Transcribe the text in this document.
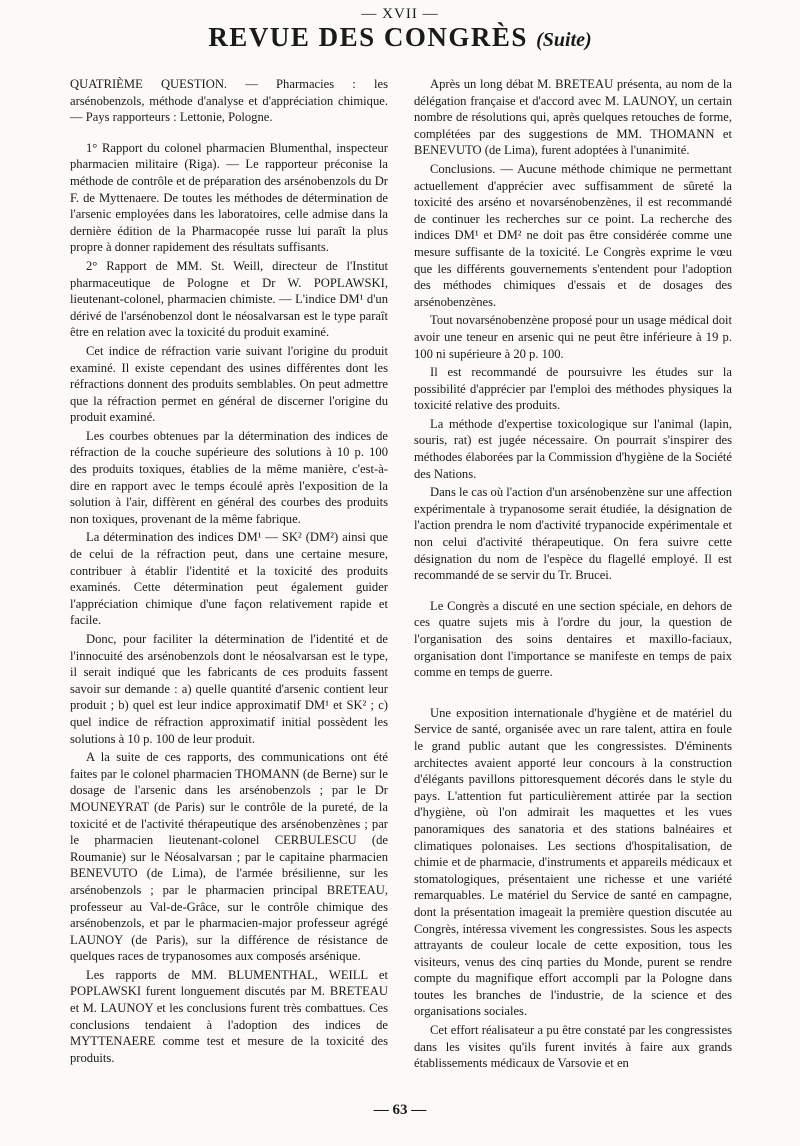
— XVII —
REVUE DES CONGRÈS (Suite)

QUATRIÈME QUESTION. — Pharmacies : les arsénobenzols, méthode d'analyse et d'appréciation chimique. — Pays rapporteurs : Lettonie, Pologne.

1° Rapport du colonel pharmacien Blumenthal, inspecteur pharmacien militaire (Riga). — Le rapporteur préconise la méthode de contrôle et de préparation des arsénobenzols du Dr F. de Myttenaere. De toutes les méthodes de détermination de l'arsenic employées dans les laboratoires, celle admise dans la dernière édition de la Pharmacopée russe lui paraît la plus propre à donner rapidement des résultats suffisants.

2° Rapport de MM. St. Weill, directeur de l'Institut pharmaceutique de Pologne et Dr W. POPLAWSKI, lieutenant-colonel, pharmacien chimiste. — L'indice DM¹ d'un dérivé de l'arsénobenzol dont le néosalvarsan est le type paraît être en relation avec la toxicité du produit examiné.

Cet indice de réfraction varie suivant l'origine du produit examiné. Il existe cependant des usines différentes dont les réfractions donnent des produits semblables. On peut admettre que la réfraction permet en général de discerner l'origine du produit examiné.

Les courbes obtenues par la détermination des indices de réfraction de la couche supérieure des solutions à 10 p. 100 des produits toxiques, établies de la même manière, c'est-à-dire en rapport avec le temps écoulé après l'exposition de la solution à l'air, diffèrent en général des courbes des produits non toxiques, provenant de la même fabrique.

La détermination des indices DM¹ — SK² (DM²) ainsi que de celui de la réfraction peut, dans une certaine mesure, contribuer à établir l'identité et la toxicité des produits examinés. Cette détermination peut également guider l'appréciation chimique d'une façon relativement rapide et facile.

Donc, pour faciliter la détermination de l'identité et de l'innocuité des arsénobenzols dont le néosalvarsan est le type, il serait indiqué que les fabricants de ces produits fassent savoir sur demande : a) quelle quantité d'arsenic contient leur produit ; b) quel est leur indice approximatif DM¹ et SK² ; c) quel indice de réfraction approximatif initial possèdent les solutions à 10 p. 100 de leur produit.

A la suite de ces rapports, des communications ont été faites par le colonel pharmacien THOMANN (de Berne) sur le dosage de l'arsenic dans les arsénobenzols ; par le Dr MOUNEYRAT (de Paris) sur le contrôle de la pureté, de la toxicité et de l'activité thérapeutique des arsénobenzènes ; par le pharmacien lieutenant-colonel CERBULESCU (de Roumanie) sur le Néosalvarsan ; par le capitaine pharmacien BENEVUTO (de Lima), de l'armée brésilienne, sur les arsénobenzols ; par le pharmacien principal BRETEAU, professeur au Val-de-Grâce, sur le contrôle chimique des arsénobenzols, et par le pharmacien-major professeur agrégé LAUNOY (de Paris), sur la différence de résistance de quelques races de trypanosomes aux composés arsénique.

Les rapports de MM. BLUMENTHAL, WEILL et POPLAWSKI furent longuement discutés par M. BRETEAU et M. LAUNOY et les conclusions furent très combattues. Ces conclusions tendaient à l'adoption des indices de MYTTENAERE comme test et mesure de la toxicité des produits.

Après un long débat M. BRETEAU présenta, au nom de la délégation française et d'accord avec M. LAUNOY, un certain nombre de résolutions qui, après quelques retouches de forme, complétées par des suggestions de MM. THOMANN et BENEVUTO (de Lima), furent adoptées à l'unanimité.

Conclusions. — Aucune méthode chimique ne permettant actuellement d'apprécier avec suffisamment de sûreté la toxicité des arséno et novarsénobenzènes, il est recommandé de continuer les recherches sur ce point. La recherche des indices DM¹ et DM² ne doit pas être considérée comme une mesure suffisante de la toxicité. Le Congrès exprime le vœu que les différents gouvernements s'entendent pour l'adoption des méthodes chimiques d'essais et de dosages des arsénobenzènes.

Tout novarsénobenzène proposé pour un usage médical doit avoir une teneur en arsenic qui ne peut être inférieure à 19 p. 100 ni supérieure à 20 p. 100.

Il est recommandé de poursuivre les études sur la possibilité d'apprécier par l'emploi des méthodes physiques la toxicité relative des produits.

La méthode d'expertise toxicologique sur l'animal (lapin, souris, rat) est jugée nécessaire. On pourrait s'inspirer des méthodes élaborées par la Commission d'hygiène de la Société des Nations.

Dans le cas où l'action d'un arsénobenzène sur une affection expérimentale à trypanosome serait étudiée, la désignation de l'action prendra le nom d'activité trypanocide expérimentale et non celui d'activité thérapeutique. On fera suivre cette désignation du nom de l'espèce du flagellé employé. Il est recommandé de se servir du Tr. Brucei.

Le Congrès a discuté en une section spéciale, en dehors de ces quatre sujets mis à l'ordre du jour, la question de l'organisation des soins dentaires et maxillo-faciaux, organisation dont l'importance se manifeste en temps de paix comme en temps de guerre.

Une exposition internationale d'hygiène et de matériel du Service de santé, organisée avec un rare talent, attira en foule le grand public autant que les congressistes. D'éminents architectes avaient apporté leur concours à la construction d'élégants pavillons pittoresquement décorés dans le style du pays. L'attention fut particulièrement attirée par la section d'hygiène, où l'on admirait les maquettes et les vues panoramiques des sanatoria et des stations balnéaires et climatiques polonaises. Les sections d'hospitalisation, de chimie et de pharmacie, d'instruments et appareils médicaux et stomatologiques, présentaient une richesse et une variété remarquables. Le matériel du Service de santé en campagne, dont la présentation imageait la première question discutée au Congrès, intéressa vivement les congressistes. Sous les aspects attrayants de couleur locale de cette exposition, tous les visiteurs, venus des cinq parties du Monde, purent se rendre compte du magnifique effort accompli par la Pologne dans toutes les branches de l'industrie, de la science et des organisations sociales.

Cet effort réalisateur a pu être constaté par les congressistes dans les visites qu'ils furent invités à faire aux grands établissements médicaux de Varsovie et en

— 63 —
